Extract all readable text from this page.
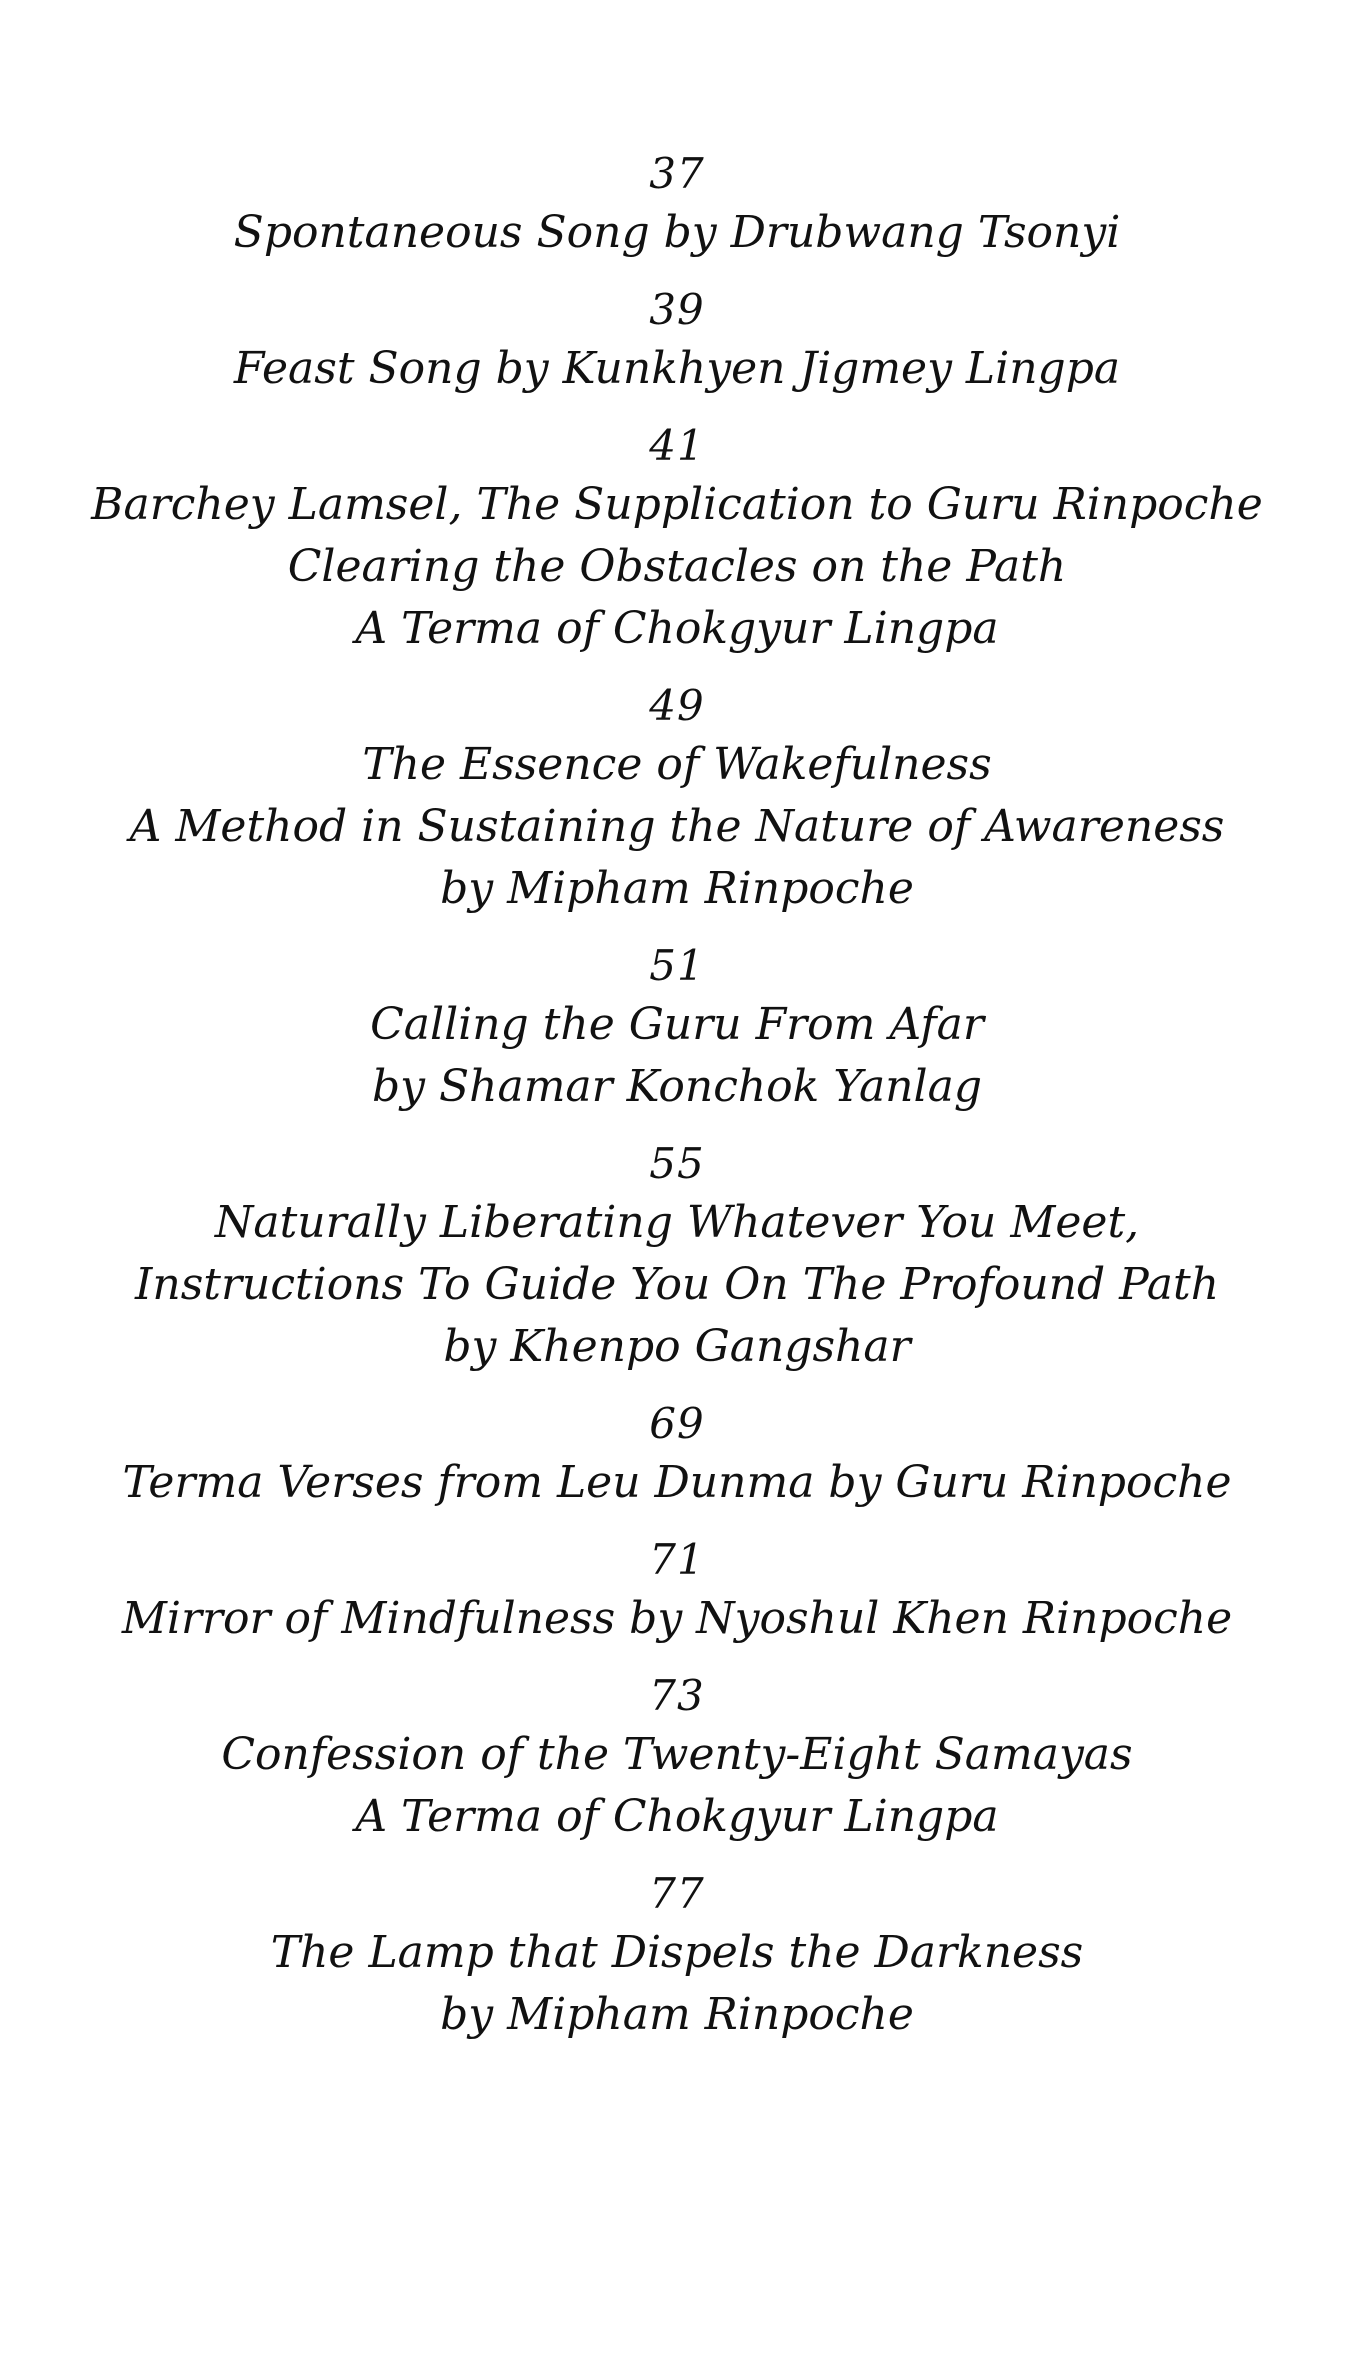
37
Spontaneous Song by Drubwang Tsonyi
39
Feast Song by Kunkhyen Jigmey Lingpa
41
Barchey Lamsel, The Supplication to Guru Rinpoche
Clearing the Obstacles on the Path
A Terma of Chokgyur Lingpa
49
The Essence of Wakefulness
A Method in Sustaining the Nature of Awareness
by Mipham Rinpoche
51
Calling the Guru From Afar
by Shamar Konchok Yanlag
55
Naturally Liberating Whatever You Meet,
Instructions To Guide You On The Profound Path
by Khenpo Gangshar
69
Terma Verses from Leu Dunma by Guru Rinpoche
71
Mirror of Mindfulness by Nyoshul Khen Rinpoche
73
Confession of the Twenty-Eight Samayas
A Terma of Chokgyur Lingpa
77
The Lamp that Dispels the Darkness
by Mipham Rinpoche
